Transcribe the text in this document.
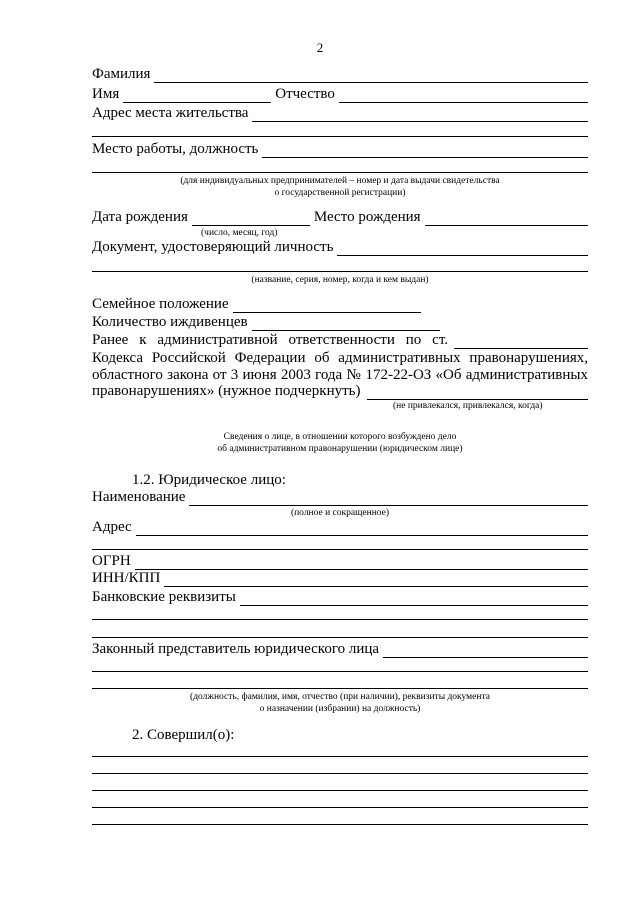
2
Фамилия
Имя	Отчество
Адрес места жительства
Место работы, должность
(для индивидуальных предпринимателей – номер и дата выдачи свидетельства
о государственной регистрации)
Дата рождения	Место рождения
(число, месяц, год)
Документ, удостоверяющий личность
(название, серия, номер, когда и кем выдан)
Семейное положение
Количество иждивенцев
Ранее к административной ответственности по ст.
Кодекса Российской Федерации об административных правонарушениях,
областного закона от 3 июня 2003 года № 172-22-ОЗ «Об административных
правонарушениях» (нужное подчеркнуть)
(не привлекался, привлекался, когда)
Сведения о лице, в отношении которого возбуждено дело
об административном правонарушении (юридическом лице)
1.2. Юридическое лицо:
Наименование
(полное и сокращенное)
Адрес
ОГРН
ИНН/КПП
Банковские реквизиты
Законный представитель юридического лица
(должность, фамилия, имя, отчество (при наличии), реквизиты документа
о назначении (избрании) на должность)
2. Совершил(о):
